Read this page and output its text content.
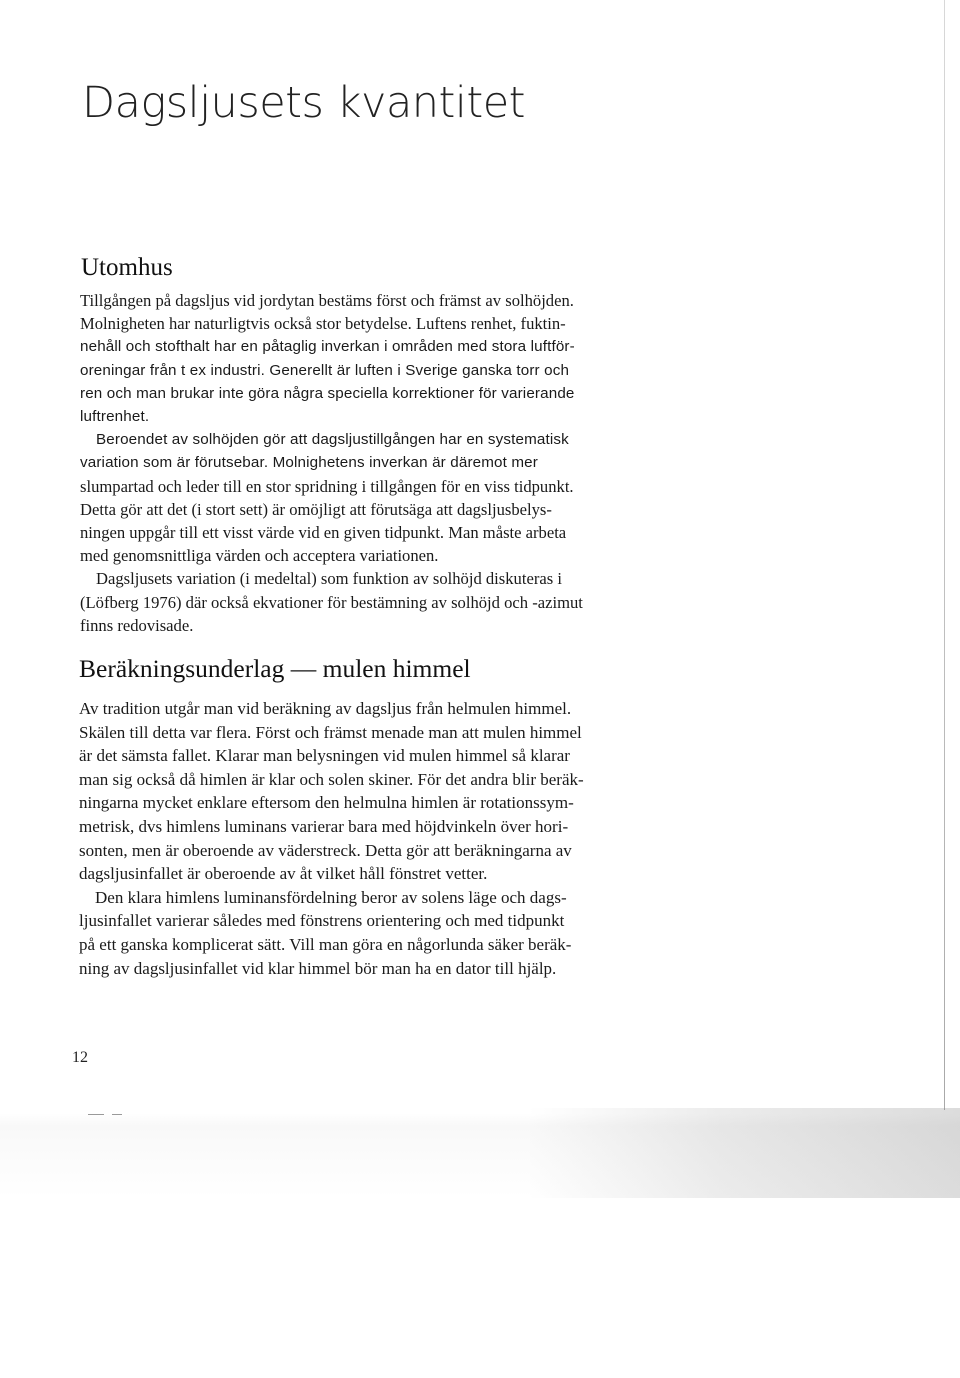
Dagsljusets kvantitet
Utomhus

Tillgången på dagsljus vid jordytan bestäms först och främst av solhöjden.
Molnigheten har naturligtvis också stor betydelse. Luftens renhet, fuktin-
nehåll och stofthalt har en påtaglig inverkan i områden med stora luftför-
oreningar från t ex industri. Generellt är luften i Sverige ganska torr och
ren och man brukar inte göra några speciella korrektioner för varierande
luftrenhet.

Beroendet av solhöjden gör att dagsljustillgången har en systematisk
variation som är förutsebar. Molnighetens inverkan är däremot mer
slumpartad och leder till en stor spridning i tillgången för en viss tidpunkt.
Detta gör att det (i stort sett) är omöjligt att förutsäga att dagsljusbelys-
ningen uppgår till ett visst värde vid en given tidpunkt. Man måste arbeta
med genomsnittliga värden och acceptera variationen.

Dagsljusets variation (i medeltal) som funktion av solhöjd diskuteras i
(Löfberg 1976) där också ekvationer för bestämning av solhöjd och -azimut
finns redovisade.

Beräkningsunderlag — mulen himmel

Av tradition utgår man vid beräkning av dagsljus från helmulen himmel.
Skälen till detta var flera. Först och främst menade man att mulen himmel
är det sämsta fallet. Klarar man belysningen vid mulen himmel så klarar
man sig också då himlen är klar och solen skiner. För det andra blir beräk-
ningarna mycket enklare eftersom den helmulna himlen är rotationssym-
metrisk, dvs himlens luminans varierar bara med höjdvinkeln över hori-
sonten, men är oberoende av väderstreck. Detta gör att beräkningarna av
dagsljusinfallet är oberoende av åt vilket håll fönstret vetter.

Den klara himlens luminansfördelning beror av solens läge och dags-
ljusinfallet varierar således med fönstrens orientering och med tidpunkt
på ett ganska komplicerat sätt. Vill man göra en någorlunda säker beräk-
ning av dagsljusinfallet vid klar himmel bör man ha en dator till hjälp.

12
